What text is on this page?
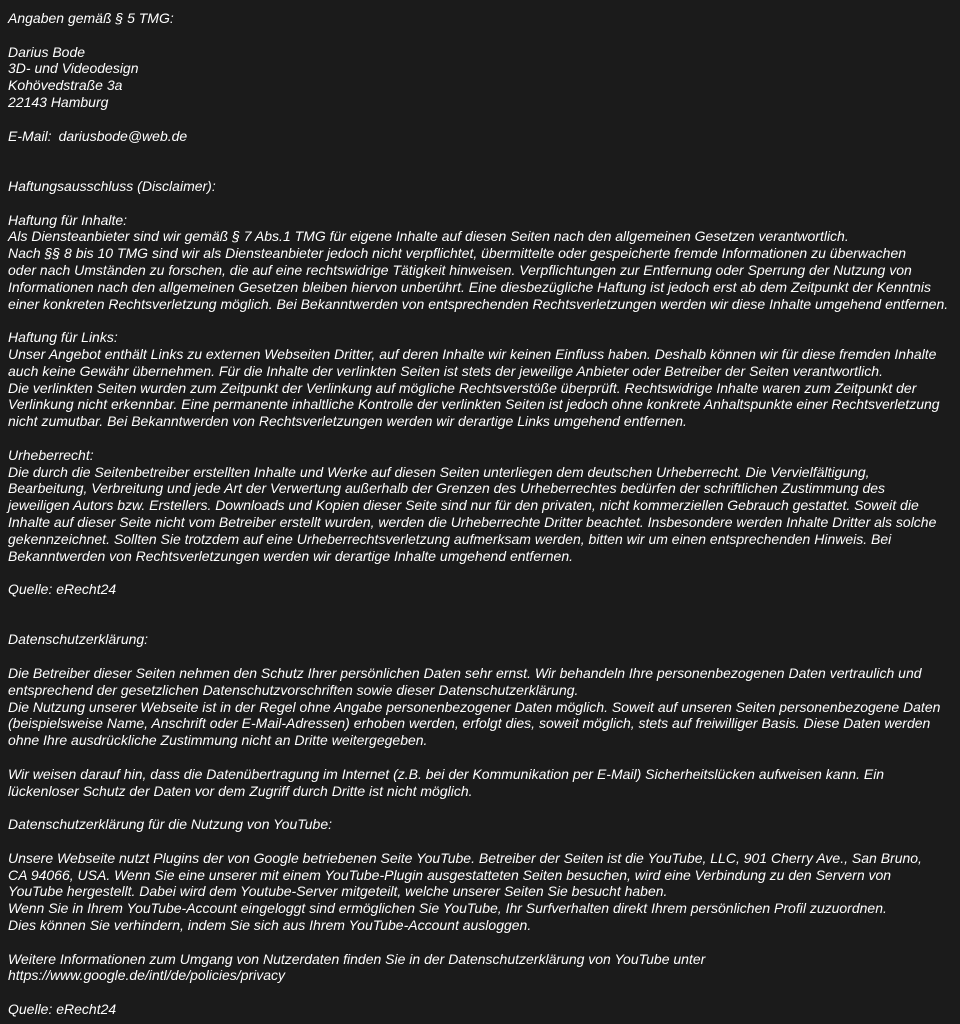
Angaben gemäß § 5 TMG:
Darius Bode
3D- und Videodesign
Kohövedstraße 3a
22143 Hamburg
E-Mail: dariusbode@web.de
Haftungsausschluss (Disclaimer):
Haftung für Inhalte:
Als Diensteanbieter sind wir gemäß § 7 Abs.1 TMG für eigene Inhalte auf diesen Seiten nach den allgemeinen Gesetzen verantwortlich.
Nach §§ 8 bis 10 TMG sind wir als Diensteanbieter jedoch nicht verpflichtet, übermittelte oder gespeicherte fremde Informationen zu überwachen
oder nach Umständen zu forschen, die auf eine rechtswidrige Tätigkeit hinweisen. Verpflichtungen zur Entfernung oder Sperrung der Nutzung von
Informationen nach den allgemeinen Gesetzen bleiben hiervon unberührt. Eine diesbezügliche Haftung ist jedoch erst ab dem Zeitpunkt der Kenntnis
einer konkreten Rechtsverletzung möglich. Bei Bekanntwerden von entsprechenden Rechtsverletzungen werden wir diese Inhalte umgehend entfernen.
Haftung für Links:
Unser Angebot enthält Links zu externen Webseiten Dritter, auf deren Inhalte wir keinen Einfluss haben. Deshalb können wir für diese fremden Inhalte
auch keine Gewähr übernehmen. Für die Inhalte der verlinkten Seiten ist stets der jeweilige Anbieter oder Betreiber der Seiten verantwortlich.
Die verlinkten Seiten wurden zum Zeitpunkt der Verlinkung auf mögliche Rechtsverstöße überprüft. Rechtswidrige Inhalte waren zum Zeitpunkt der
Verlinkung nicht erkennbar. Eine permanente inhaltliche Kontrolle der verlinkten Seiten ist jedoch ohne konkrete Anhaltspunkte einer Rechtsverletzung
nicht zumutbar. Bei Bekanntwerden von Rechtsverletzungen werden wir derartige Links umgehend entfernen.
Urheberrecht:
Die durch die Seitenbetreiber erstellten Inhalte und Werke auf diesen Seiten unterliegen dem deutschen Urheberrecht. Die Vervielfältigung,
Bearbeitung, Verbreitung und jede Art der Verwertung außerhalb der Grenzen des Urheberrechtes bedürfen der schriftlichen Zustimmung des
jeweiligen Autors bzw. Erstellers. Downloads und Kopien dieser Seite sind nur für den privaten, nicht kommerziellen Gebrauch gestattet. Soweit die
Inhalte auf dieser Seite nicht vom Betreiber erstellt wurden, werden die Urheberrechte Dritter beachtet. Insbesondere werden Inhalte Dritter als solche
gekennzeichnet. Sollten Sie trotzdem auf eine Urheberrechtsverletzung aufmerksam werden, bitten wir um einen entsprechenden Hinweis. Bei
Bekanntwerden von Rechtsverletzungen werden wir derartige Inhalte umgehend entfernen.
Quelle: eRecht24
Datenschutzerklärung:
Die Betreiber dieser Seiten nehmen den Schutz Ihrer persönlichen Daten sehr ernst. Wir behandeln Ihre personenbezogenen Daten vertraulich und
entsprechend der gesetzlichen Datenschutzvorschriften sowie dieser Datenschutzerklärung.
Die Nutzung unserer Webseite ist in der Regel ohne Angabe personenbezogener Daten möglich. Soweit auf unseren Seiten personenbezogene Daten
(beispielsweise Name, Anschrift oder E-Mail-Adressen) erhoben werden, erfolgt dies, soweit möglich, stets auf freiwilliger Basis. Diese Daten werden
ohne Ihre ausdrückliche Zustimmung nicht an Dritte weitergegeben.
Wir weisen darauf hin, dass die Datenübertragung im Internet (z.B. bei der Kommunikation per E-Mail) Sicherheitslücken aufweisen kann. Ein
lückenloser Schutz der Daten vor dem Zugriff durch Dritte ist nicht möglich.
Datenschutzerklärung für die Nutzung von YouTube:
Unsere Webseite nutzt Plugins der von Google betriebenen Seite YouTube. Betreiber der Seiten ist die YouTube, LLC, 901 Cherry Ave., San Bruno,
CA 94066, USA. Wenn Sie eine unserer mit einem YouTube-Plugin ausgestatteten Seiten besuchen, wird eine Verbindung zu den Servern von
YouTube hergestellt. Dabei wird dem Youtube-Server mitgeteilt, welche unserer Seiten Sie besucht haben.
Wenn Sie in Ihrem YouTube-Account eingeloggt sind ermöglichen Sie YouTube, Ihr Surfverhalten direkt Ihrem persönlichen Profil zuzuordnen.
Dies können Sie verhindern, indem Sie sich aus Ihrem YouTube-Account ausloggen.
Weitere Informationen zum Umgang von Nutzerdaten finden Sie in der Datenschutzerklärung von YouTube unter
https://www.google.de/intl/de/policies/privacy
Quelle: eRecht24
